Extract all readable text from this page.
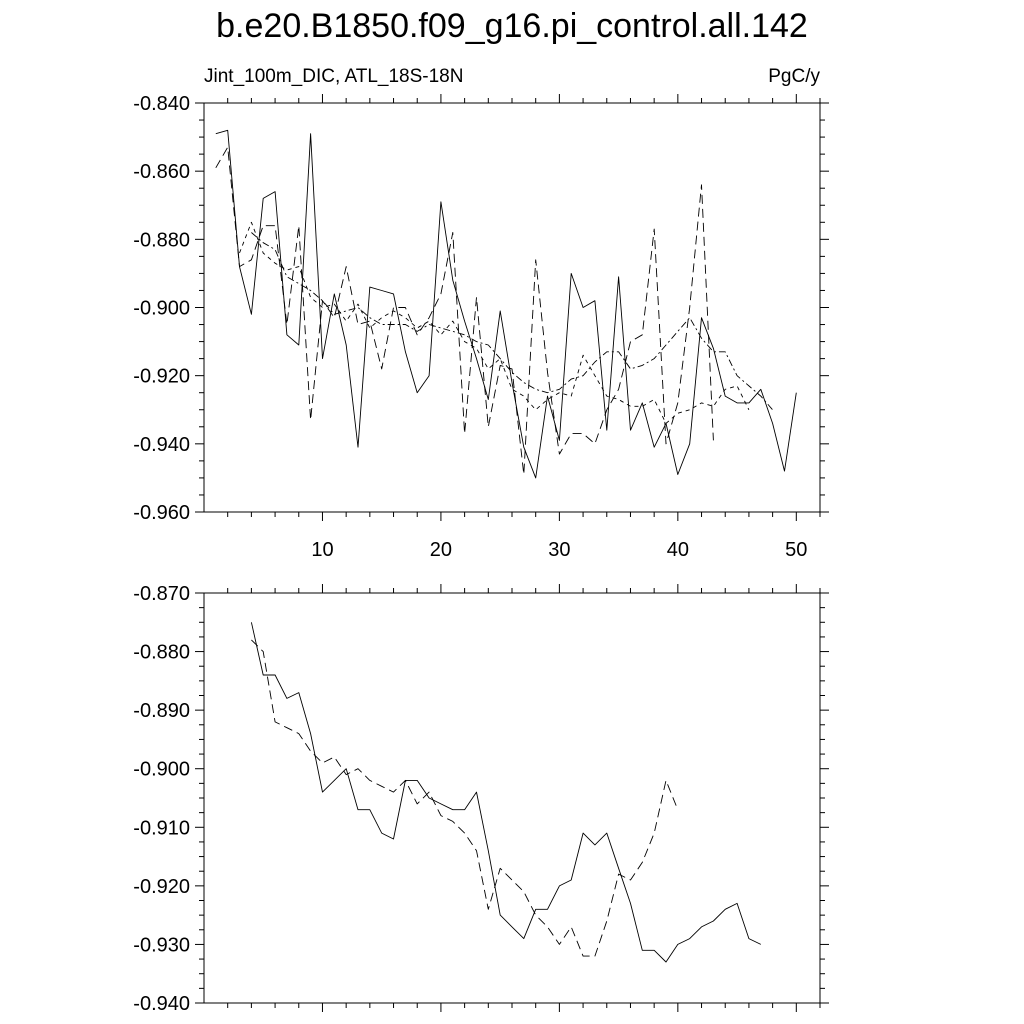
b.e20.B1850.f09_g16.pi_control.all.142
Jint_100m_DIC, ATL_18S-18N	PgC/y
-0.840
-0.860
-0.880
-0.900
-0.920
-0.940
-0.960
10	20	30	40	50
-0.870
-0.880
-0.890
-0.900
-0.910
-0.920
-0.930
-0.940
